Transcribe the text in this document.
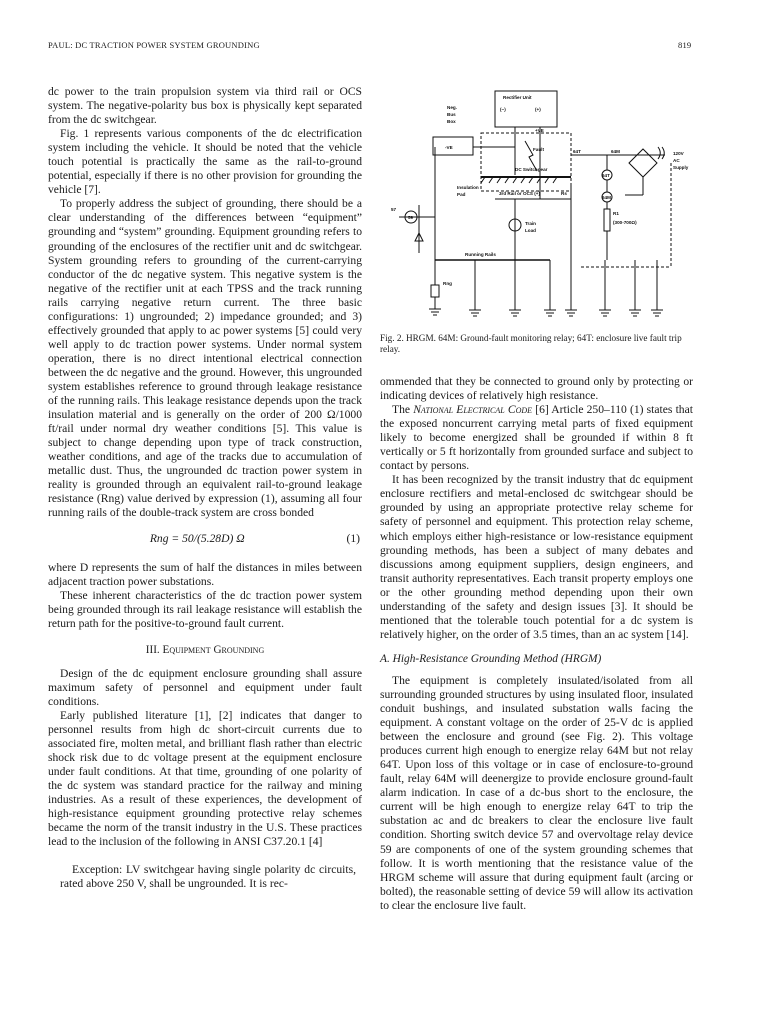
PAUL: DC TRACTION POWER SYSTEM GROUNDING	819

dc power to the train propulsion system via third rail or OCS system. The negative-polarity bus box is physically kept separated from the dc switchgear.

Fig. 1 represents various components of the dc electrification system including the vehicle. It should be noted that the vehicle touch potential is practically the same as the rail-to-ground potential, especially if there is no other provision for grounding the vehicle [7].

To properly address the subject of grounding, there should be a clear understanding of the differences between “equipment” grounding and “system” grounding. Equipment grounding refers to grounding of the enclosures of the rectifier unit and dc switchgear. System grounding refers to grounding of the current-carrying conductor of the dc negative system. This negative system is the negative of the rectifier unit at each TPSS and the track running rails carrying negative return current. The three basic configurations: 1) ungrounded; 2) impedance grounded; and 3) effectively grounded that apply to ac power systems [5] could very well apply to dc traction power systems. Under normal system operation, there is no direct intentional electrical connection between the dc negative and the ground. However, this ungrounded system establishes reference to ground through leakage resistance of the running rails. This leakage resistance depends upon the track insulation material and is generally on the order of 200 Ω/1000 ft/rail under normal dry weather conditions [5]. This value is subject to change depending upon type of track construction, weather conditions, and age of the tracks due to accumulation of metallic dust. Thus, the ungrounded dc traction power system in reality is grounded through an equivalent rail-to-ground leakage resistance (Rng) value derived by expression (1), assuming all four running rails of the double-track system are cross bonded

Rng = 50/(5.28D) Ω	(1)

where D represents the sum of half the distances in miles between adjacent traction power substations.

These inherent characteristics of the dc traction power system being grounded through its rail leakage resistance will establish the return path for the positive-to-ground fault current.

III. Equipment Grounding

Design of the dc equipment enclosure grounding shall assure maximum safety of personnel and equipment under fault conditions.

Early published literature [1], [2] indicates that danger to personnel results from high dc short-circuit currents due to associated fire, molten metal, and brilliant flash rather than electric shock risk due to dc voltage present at the equipment enclosure under fault conditions. At that time, grounding of one polarity of the dc system was standard practice for the railway and mining industries. As a result of these experiences, the development of high-resistance equipment grounding protective relay schemes became the norm of the transit industry in the U.S. These practices lead to the inclusion of the following in ANSI C37.20.1 [4]

Exception: LV switchgear having single polarity dc circuits, rated above 250 V, shall be ungrounded. It is rec-

Rectifier Unit
(−)	(+)
Neg.
Bus
Box
-VE
+VE
Fault
DC Switchgear
Insulation
Pad	3rd Rail or OCS (+)	Rs
Train
Load
Running Rails
Rng
57
59
64T	64M
64T
64M
R1
(300-700Ω)
120V
AC
Supply
Fig. 2. HRGM. 64M: Ground-fault monitoring relay; 64T: enclosure live fault trip relay.

ommended that they be connected to ground only by protecting or indicating devices of relatively high resistance.

The National Electrical Code [6] Article 250–110 (1) states that the exposed noncurrent carrying metal parts of fixed equipment likely to become energized shall be grounded if within 8 ft vertically or 5 ft horizontally from grounded surface and subject to contact by persons.

It has been recognized by the transit industry that dc equipment enclosure rectifiers and metal-enclosed dc switchgear should be grounded by using an appropriate protective relay scheme for safety of personnel and equipment. This protection relay scheme, which employs either high-resistance or low-resistance equipment grounding methods, has been a subject of many debates and discussions among equipment suppliers, design engineers, and transit authority representatives. Each transit property employs one or the other grounding method depending upon their own understanding of the safety and design issues [3]. It should be mentioned that the tolerable touch potential for a dc system is relatively higher, on the order of 3.5 times, than an ac system [14].

A. High-Resistance Grounding Method (HRGM)

The equipment is completely insulated/isolated from all surrounding grounded structures by using insulated floor, insulated conduit bushings, and insulated substation walls facing the equipment. A constant voltage on the order of 25-V dc is applied between the enclosure and ground (see Fig. 2). This voltage produces current high enough to energize relay 64M but not relay 64T. Upon loss of this voltage or in case of enclosure-to-ground fault, relay 64M will deenergize to provide enclosure ground-fault alarm indication. In case of a dc-bus short to the enclosure, the current will be high enough to energize relay 64T to trip the substation ac and dc breakers to clear the enclosure live fault condition. Shorting switch device 57 and overvoltage relay device 59 are components of one of the system grounding schemes that follow. It is worth mentioning that the resistance value of the HRGM scheme will assure that during equipment fault (arcing or bolted), the reasonable setting of device 59 will allow its activation to clear the enclosure live fault.
